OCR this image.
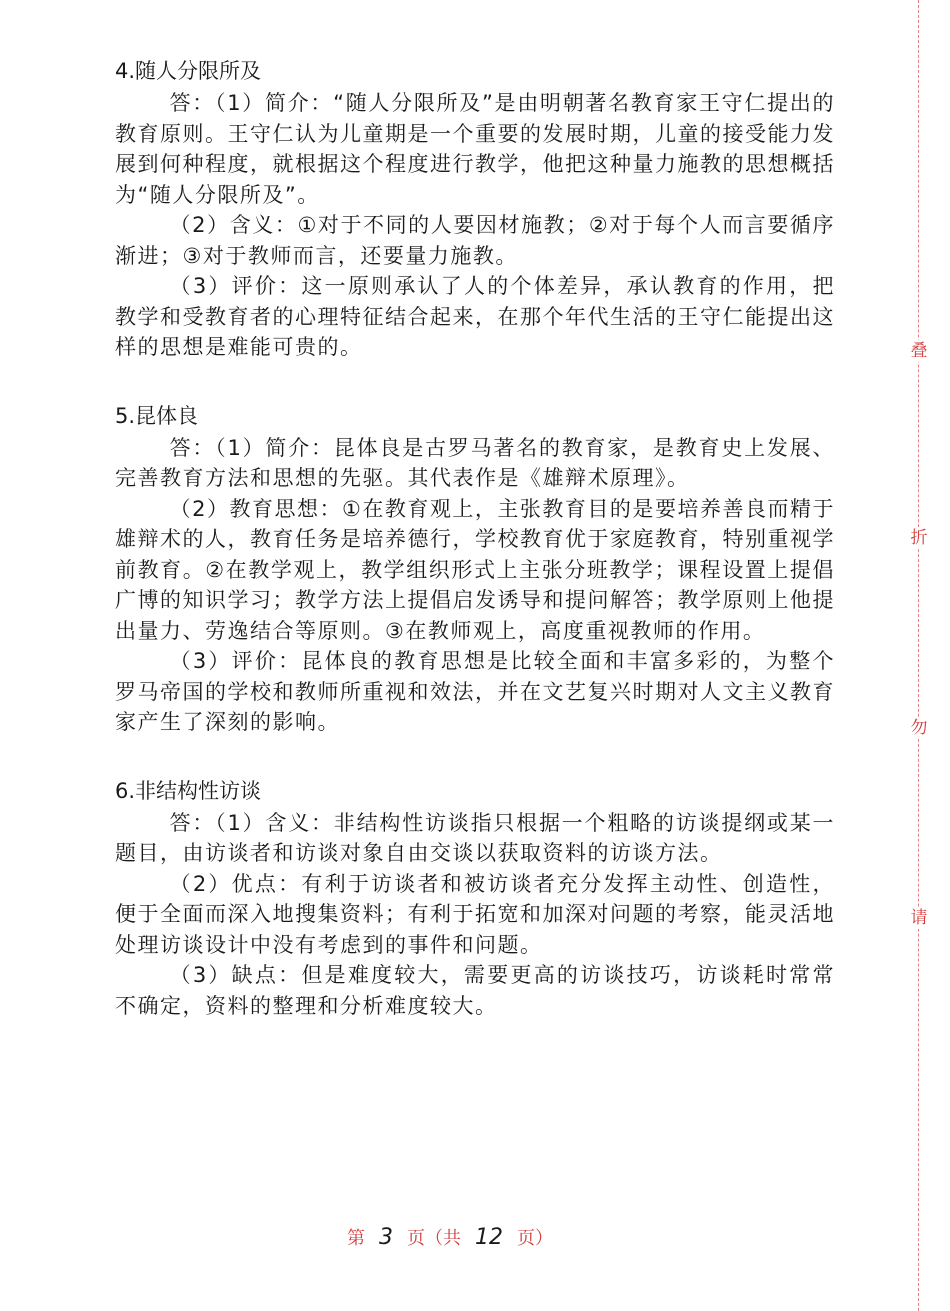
4.随人分限所及
答：（1）简介：“随人分限所及”是由明朝著名教育家王守仁提出的教育原则。王守仁认为儿童期是一个重要的发展时期，儿童的接受能力发展到何种程度，就根据这个程度进行教学，他把这种量力施教的思想概括为“随人分限所及”。
（2）含义：①对于不同的人要因材施教；②对于每个人而言要循序渐进；③对于教师而言，还要量力施教。
（3）评价：这一原则承认了人的个体差异，承认教育的作用，把教学和受教育者的心理特征结合起来，在那个年代生活的王守仁能提出这样的思想是难能可贵的。
5.昆体良
答：（1）简介：昆体良是古罗马著名的教育家，是教育史上发展、完善教育方法和思想的先驱。其代表作是《雄辩术原理》。
（2）教育思想：①在教育观上，主张教育目的是要培养善良而精于雄辩术的人，教育任务是培养德行，学校教育优于家庭教育，特别重视学前教育。②在教学观上，教学组织形式上主张分班教学；课程设置上提倡广博的知识学习；教学方法上提倡启发诱导和提问解答；教学原则上他提出量力、劳逸结合等原则。③在教师观上，高度重视教师的作用。
（3）评价：昆体良的教育思想是比较全面和丰富多彩的，为整个罗马帝国的学校和教师所重视和效法，并在文艺复兴时期对人文主义教育家产生了深刻的影响。
6.非结构性访谈
答：（1）含义：非结构性访谈指只根据一个粗略的访谈提纲或某一题目，由访谈者和访谈对象自由交谈以获取资料的访谈方法。
（2）优点：有利于访谈者和被访谈者充分发挥主动性、创造性，便于全面而深入地搜集资料；有利于拓宽和加深对问题的考察，能灵活地处理访谈设计中没有考虑到的事件和问题。
（3）缺点：但是难度较大，需要更高的访谈技巧，访谈耗时常常不确定，资料的整理和分析难度较大。
叠
折
勿
请
第 3 页（共 12 页）
